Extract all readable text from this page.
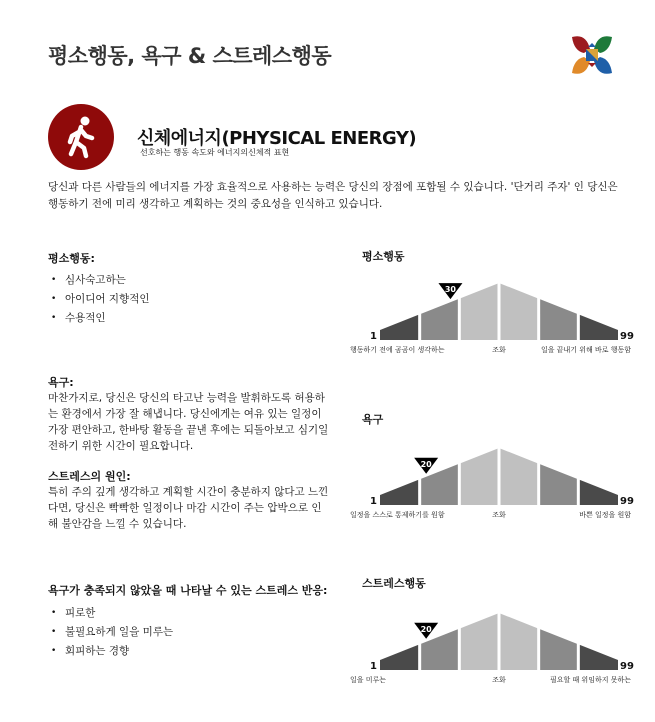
평소행동, 욕구 & 스트레스행동
신체에너지(PHYSICAL ENERGY)
선호하는 행동 속도와 에너지의신체적 표현
당신과 다른 사람들의 에너지를 가장 효율적으로 사용하는 능력은 당신의 장점에 포함될 수 있습니다. '단거리 주자' 인 당신은 행동하기 전에 미리 생각하고 계획하는 것의 중요성을 인식하고 있습니다.
평소행동:
• 심사숙고하는
• 아이디어 지향적인
• 수용적인
욕구:
마찬가지로, 당신은 당신의 타고난 능력을 발휘하도록 허용하는 환경에서 가장 잘 해냅니다. 당신에게는 여유 있는 일정이 가장 편안하고, 한바탕 활동을 끝낸 후에는 되돌아보고 심기일전하기 위한 시간이 필요합니다.
스트레스의 원인:
특히 주의 깊게 생각하고 계획할 시간이 충분하지 않다고 느낀다면, 당신은 빡빡한 일정이나 마감 시간이 주는 압박으로 인해 불안감을 느낄 수 있습니다.
욕구가 충족되지 않았을 때 나타날 수 있는 스트레스 반응:
• 피로한
• 불필요하게 일을 미루는
• 회피하는 경향
평소행동
욕구
스트레스행동
30
1	99
행동하기 전에 곰곰이 생각하는	조화	일을 끝내기 위해 바로 행동함
20
1	99
일정을 스스로 통제하기를 원함	조화	바쁜 일정을 원함
20
1	99
일을 미루는	조화	필요할 때 위임하지 못하는
